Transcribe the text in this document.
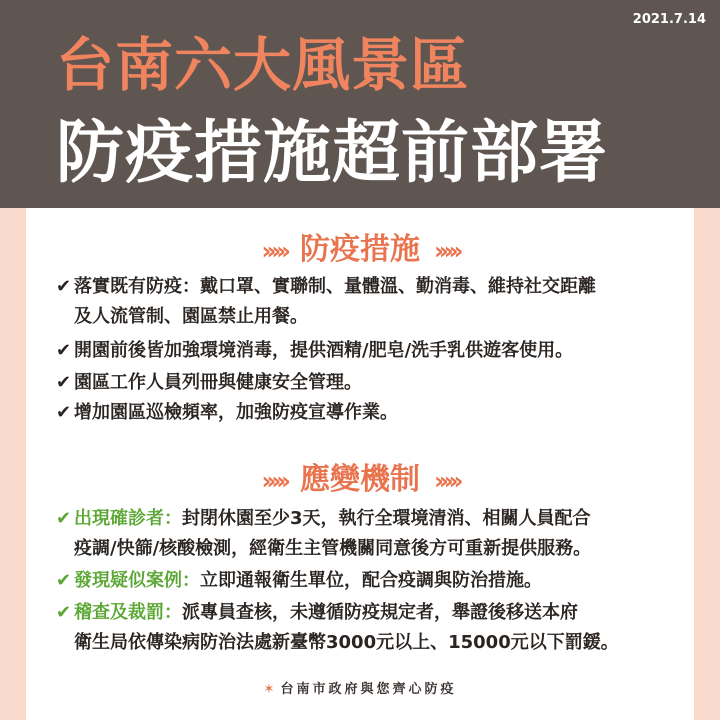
2021.7.14
台南六大風景區
防疫措施超前部署
››››› 防疫措施 ›››››
✔ 落實既有防疫：戴口罩、實聯制、量體溫、勤消毒、維持社交距離
及人流管制、園區禁止用餐。
✔ 開園前後皆加強環境消毒，提供酒精/肥皂/洗手乳供遊客使用。
✔ 園區工作人員列冊與健康安全管理。
✔ 增加園區巡檢頻率，加強防疫宣導作業。
››››› 應變機制 ›››››
✔ 出現確診者：封閉休園至少3天，執行全環境清消、相關人員配合
疫調/快篩/核酸檢測，經衛生主管機關同意後方可重新提供服務。
✔ 發現疑似案例：立即通報衛生單位，配合疫調與防治措施。
✔ 稽查及裁罰：派專員查核，未遵循防疫規定者，舉證後移送本府
衛生局依傳染病防治法處新臺幣3000元以上、15000元以下罰鍰。
✶ 台南市政府與您齊心防疫
